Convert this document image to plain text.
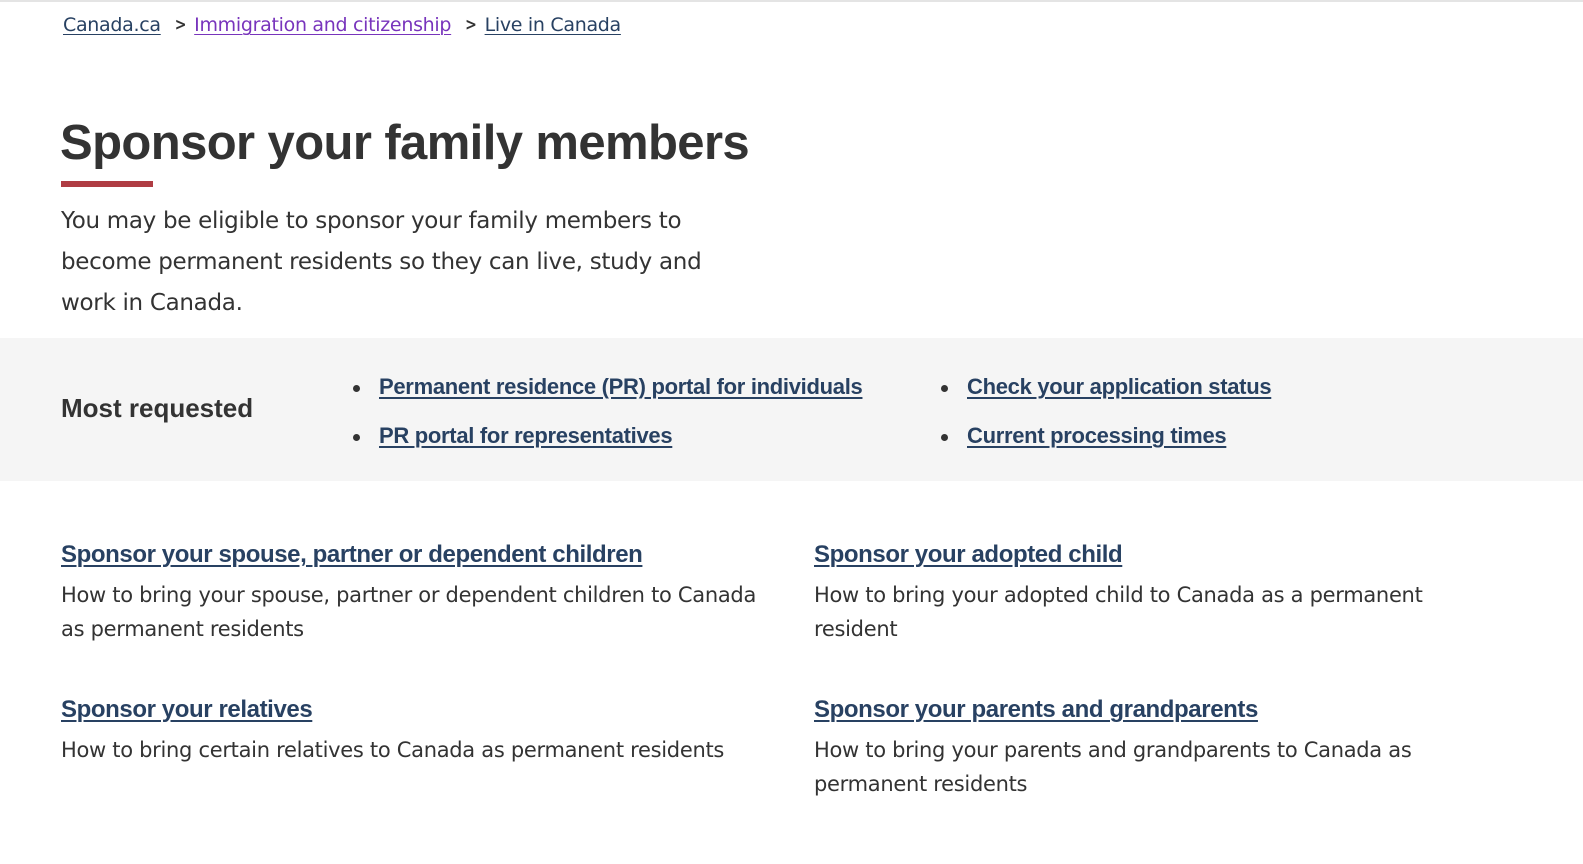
Canada.ca > Immigration and citizenship > Live in Canada
Sponsor your family members

You may be eligible to sponsor your family members to become permanent residents so they can live, study and work in Canada.

Most requested
Permanent residence (PR) portal for individuals
PR portal for representatives
Check your application status
Current processing times
Sponsor your spouse, partner or dependent children

How to bring your spouse, partner or dependent children to Canada as permanent residents

Sponsor your adopted child

How to bring your adopted child to Canada as a permanent resident

Sponsor your relatives

How to bring certain relatives to Canada as permanent residents

Sponsor your parents and grandparents

How to bring your parents and grandparents to Canada as permanent residents
